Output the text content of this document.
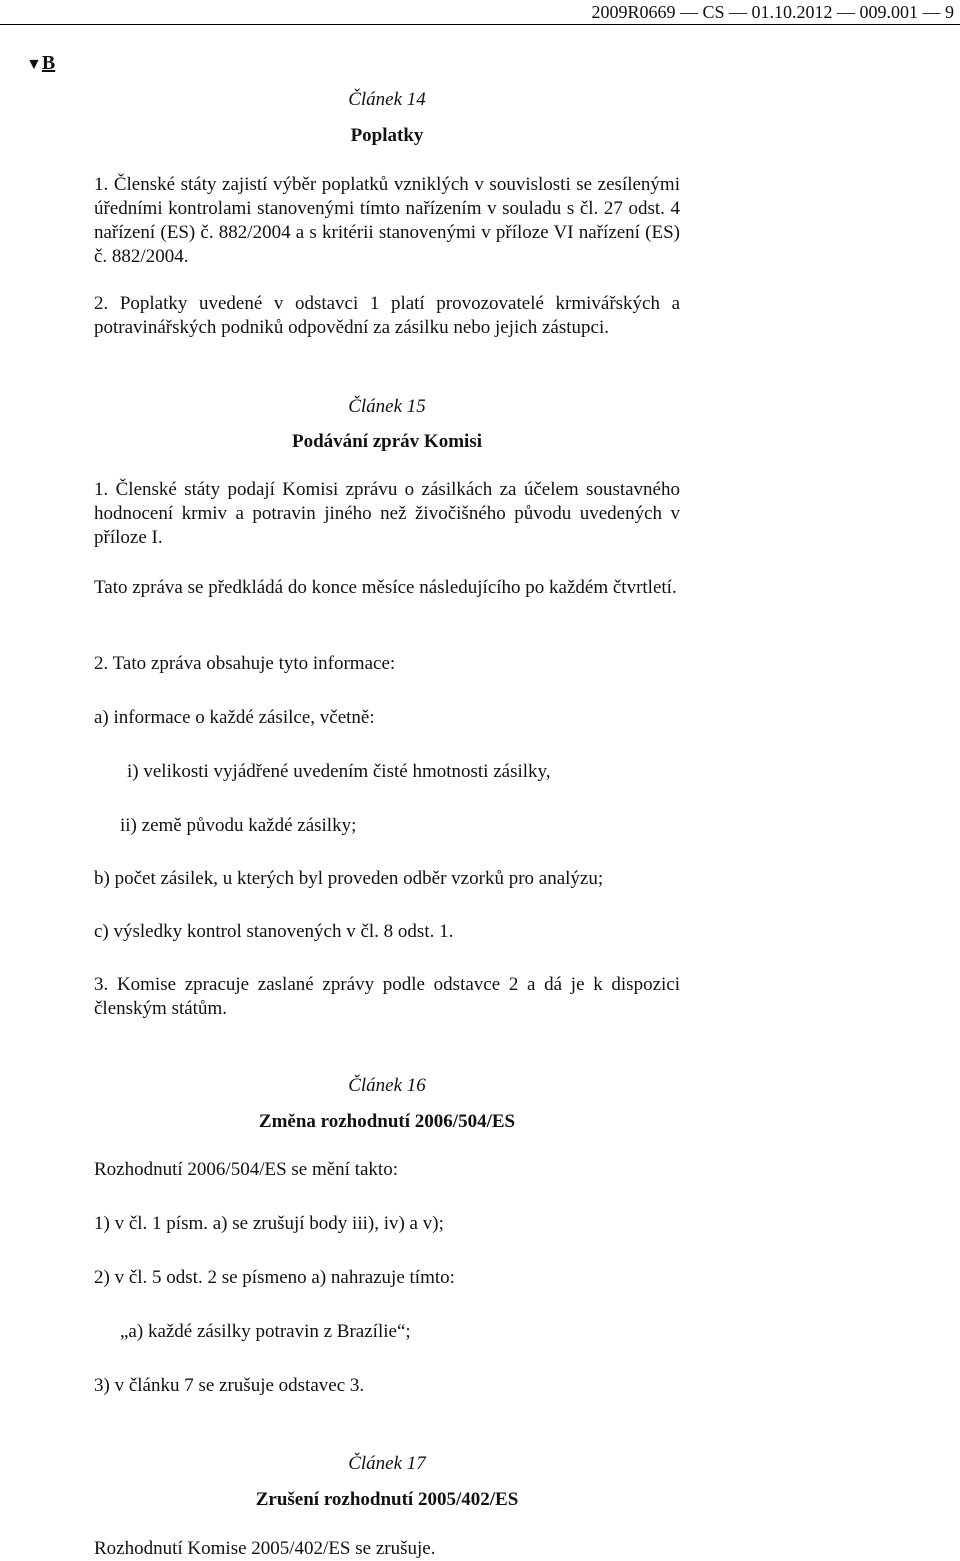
2009R0669 — CS — 01.10.2012 — 009.001 — 9
▼B
Článek 14
Poplatky
1. Členské státy zajistí výběr poplatků vzniklých v souvislosti se zesílenými úředními kontrolami stanovenými tímto nařízením v souladu s čl. 27 odst. 4 nařízení (ES) č. 882/2004 a s kritérii stanovenými v příloze VI nařízení (ES) č. 882/2004.
2. Poplatky uvedené v odstavci 1 platí provozovatelé krmivářských a potravinářských podniků odpovědní za zásilku nebo jejich zástupci.
Článek 15
Podávání zpráv Komisi
1. Členské státy podají Komisi zprávu o zásilkách za účelem soustavného hodnocení krmiv a potravin jiného než živočišného původu uvedených v příloze I.
Tato zpráva se předkládá do konce měsíce následujícího po každém čtvrtletí.
2. Tato zpráva obsahuje tyto informace:
a) informace o každé zásilce, včetně:
i) velikosti vyjádřené uvedením čisté hmotnosti zásilky,
ii) země původu každé zásilky;
b) počet zásilek, u kterých byl proveden odběr vzorků pro analýzu;
c) výsledky kontrol stanovených v čl. 8 odst. 1.
3. Komise zpracuje zaslané zprávy podle odstavce 2 a dá je k dispozici členským státům.
Článek 16
Změna rozhodnutí 2006/504/ES
Rozhodnutí 2006/504/ES se mění takto:
1) v čl. 1 písm. a) se zrušují body iii), iv) a v);
2) v čl. 5 odst. 2 se písmeno a) nahrazuje tímto:
„a) každé zásilky potravin z Brazílie“;
3) v článku 7 se zrušuje odstavec 3.
Článek 17
Zrušení rozhodnutí 2005/402/ES
Rozhodnutí Komise 2005/402/ES se zrušuje.
